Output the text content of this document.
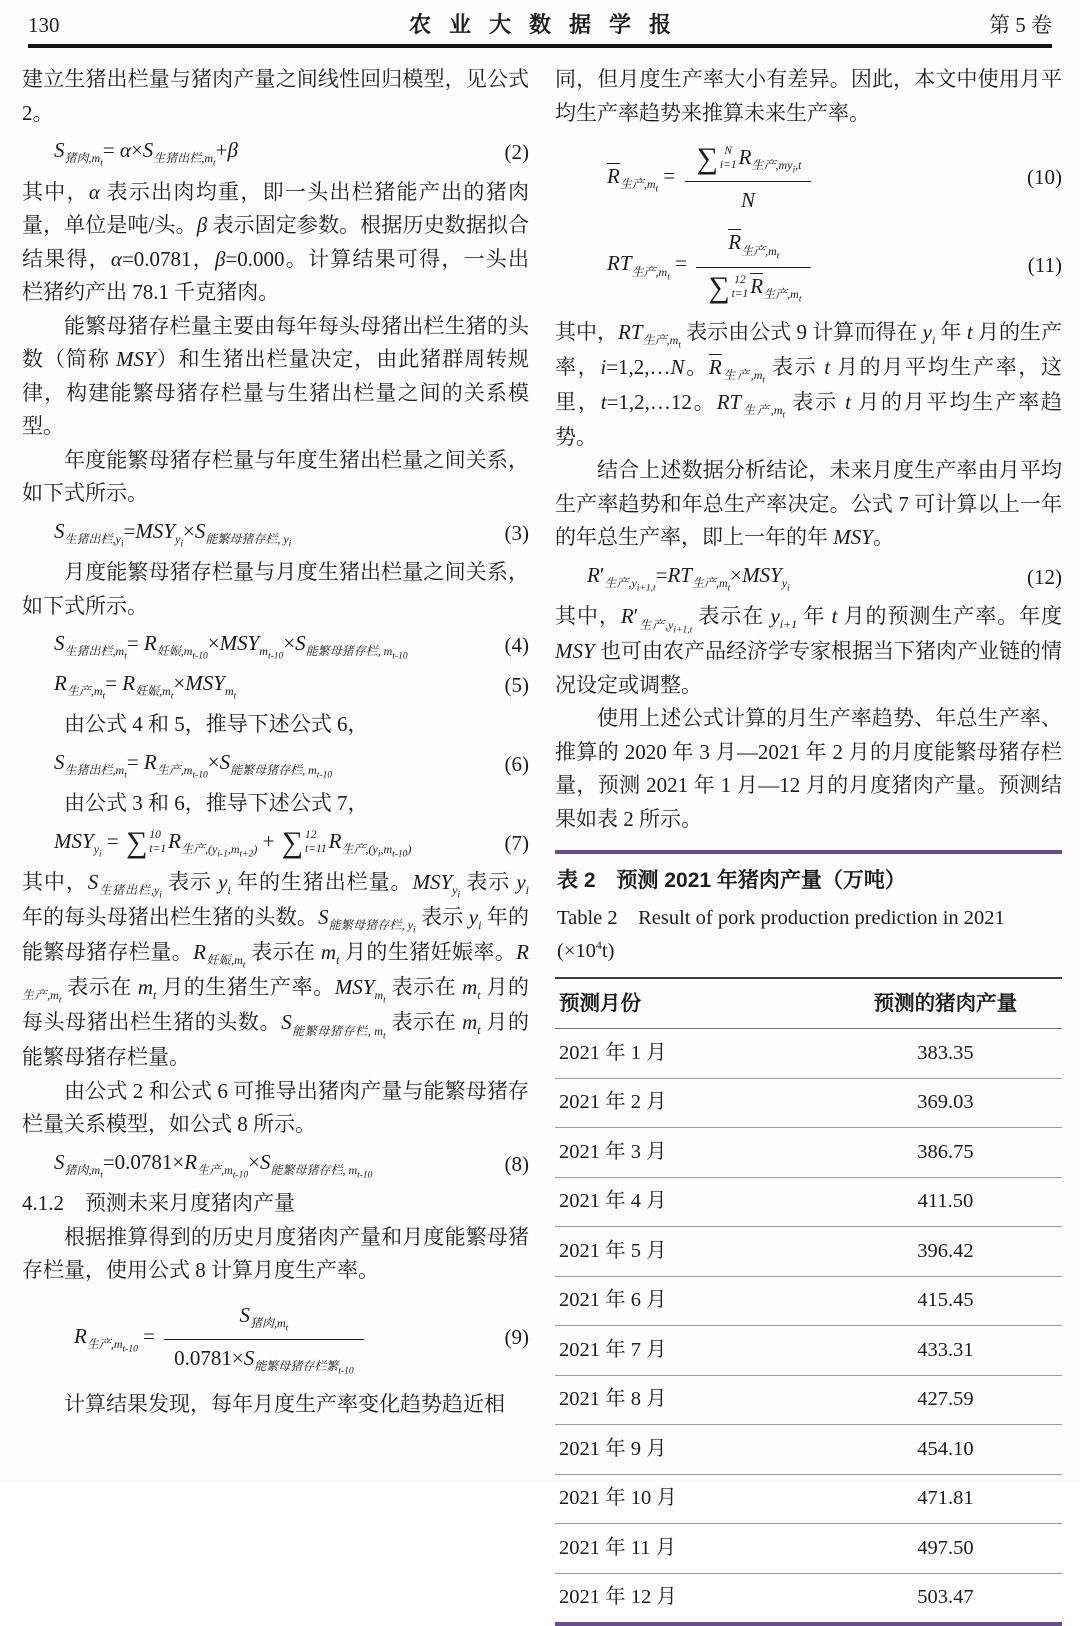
130	农业大数据学报	第 5 卷

建立生猪出栏量与猪肉产量之间线性回归模型，见公式 2。

$S_{猪肉,m_t}= \alpha\times S_{生猪出栏,m_t}+\beta$	(2)

其中，α 表示出肉均重，即一头出栏猪能产出的猪肉量，单位是吨/头。β 表示固定参数。根据历史数据拟合结果得，α=0.0781，β=0.000。计算结果可得，一头出栏猪约产出 78.1 千克猪肉。

能繁母猪存栏量主要由每年每头母猪出栏生猪的头数（简称 MSY）和生猪出栏量决定，由此猪群周转规律，构建能繁母猪存栏量与生猪出栏量之间的关系模型。

年度能繁母猪存栏量与年度生猪出栏量之间关系，如下式所示。

$S_{生猪出栏,y_i}=MSY_{y_i}\times S_{能繁母猪存栏, y_i}$	(3)

月度能繁母猪存栏量与月度生猪出栏量之间关系，如下式所示。

$S_{生猪出栏,m_t}= R_{妊娠,m_{t-10}}\times MSY_{m_{t-10}}\times S_{能繁母猪存栏, m_{t-10}}$	(4)
$R_{生产,m_t}= R_{妊娠,m_t}\times MSY_{m_t}$	(5)

由公式 4 和 5，推导下述公式 6，

$S_{生猪出栏,m_t}= R_{生产,m_{t-10}}\times S_{能繁母猪存栏, m_{t-10}}$	(6)

由公式 3 和 6，推导下述公式 7，

$MSY_{y_i}$ = ∑ 10
t=1 $R_{生产,(y_{i-1},m_{t+2})}$ + ∑ 12
t=11 $R_{生产,(y_i,m_{t-10})}$	(7)

其中，$S_{生猪出栏,y_i}$ 表示 $y_i$ 年的生猪出栏量。$MSY_{y_i}$ 表示 $y_i$ 年的每头母猪出栏生猪的头数。$S_{能繁母猪存栏, y_i}$ 表示 $y_i$ 年的能繁母猪存栏量。$R_{妊娠,m_t}$ 表示在 $m_t$ 月的生猪妊娠率。$R_{生产,m_t}$ 表示在 $m_t$ 月的生猪生产率。$MSY_{m_t}$ 表示在 $m_t$ 月的每头母猪出栏生猪的头数。$S_{能繁母猪存栏, m_t}$ 表示在 $m_t$ 月的能繁母猪存栏量。

由公式 2 和公式 6 可推导出猪肉产量与能繁母猪存栏量关系模型，如公式 8 所示。

$S_{猪肉,m_t}=0.0781\times R_{生产,m_{t-10}}\times S_{能繁母猪存栏, m_{t-10}}$	(8)

4.1.2　预测未来月度猪肉产量

根据推算得到的历史月度猪肉产量和月度能繁母猪存栏量，使用公式 8 计算月度生产率。

$R_{生产,m_{t-10}} = \frac{S_{猪肉,m_t}}{0.0781\times S_{能繁母猪存栏繁_{t-10}}}$	(9)

计算结果发现，每年月度生产率变化趋势趋近相

同，但月度生产率大小有差异。因此，本文中使用月平均生产率趋势来推算未来生产率。

$R_{生产,m_t}$ = ∑ N
i=1 $R_{生产,my_i,t}$
N	(10)
$RT_{生产,m_t} = R_{生产,m_t}$
∑ 12
t=1 $R_{生产,m_t}$	(11)

其中，$RT_{生产,m_t}$ 表示由公式 9 计算而得在 $y_i$ 年 t 月的生产率，i=1,2,…N。$R_{生产,m_t}$ 表示 t 月的月平均生产率，这里，t=1,2,…12。$RT_{生产,m_t}$ 表示 t 月的月平均生产率趋势。

结合上述数据分析结论，未来月度生产率由月平均生产率趋势和年总生产率决定。公式 7 可计算以上一年的年总生产率，即上一年的年 MSY。

$R'_{生产,y_{i+1,t}}=RT_{生产,m_t}\times MSY_{y_i}$	(12)

其中，$R'_{生产,y_{i+1,t}}$ 表示在 $y_{i+1}$ 年 t 月的预测生产率。年度 MSY 也可由农产品经济学专家根据当下猪肉产业链的情况设定或调整。

使用上述公式计算的月生产率趋势、年总生产率、推算的 2020 年 3 月—2021 年 2 月的月度能繁母猪存栏量，预测 2021 年 1 月—12 月的月度猪肉产量。预测结果如表 2 所示。

表 2　预测 2021 年猪肉产量（万吨）
Table 2　Result of pork production prediction in 2021 $(\times 10^4t)$
预测月份	预测的猪肉产量
2021 年 1 月	383.35
2021 年 2 月	369.03
2021 年 3 月	386.75
2021 年 4 月	411.50
2021 年 5 月	396.42
2021 年 6 月	415.45
2021 年 7 月	433.31
2021 年 8 月	427.59
2021 年 9 月	454.10
2021 年 10 月	471.81
2021 年 11 月	497.50
2021 年 12 月	503.47
